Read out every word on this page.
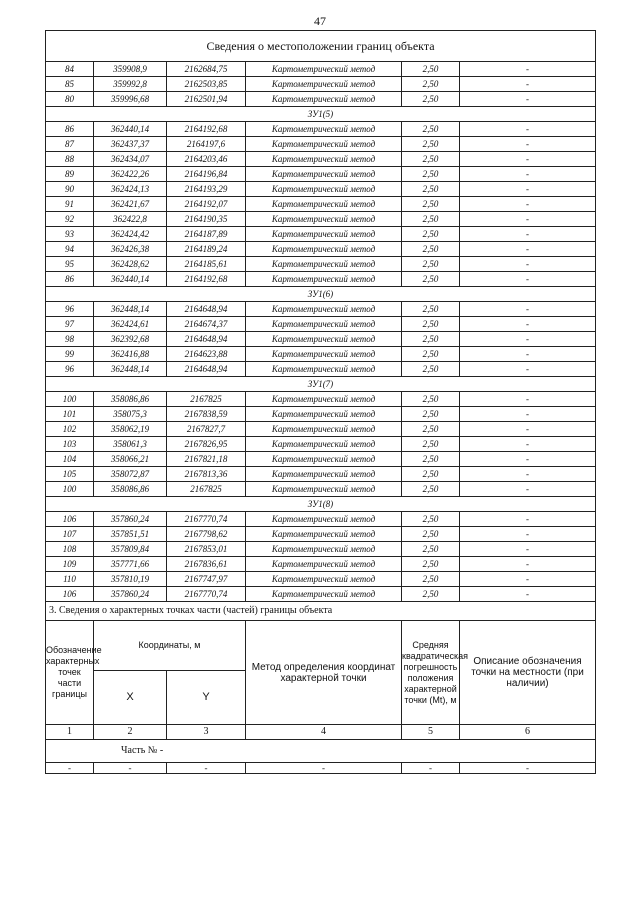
47
Сведения о местоположении границ объекта					
84	359908,9	2162684,75	Картометрический метод	2,50	-
85	359992,8	2162503,85	Картометрический метод	2,50	-
80	359996,68	2162501,94	Картометрический метод	2,50	-
ЗУ1(5)					
86	362440,14	2164192,68	Картометрический метод	2,50	-
87	362437,37	2164197,6	Картометрический метод	2,50	-
88	362434,07	2164203,46	Картометрический метод	2,50	-
89	362422,26	2164196,84	Картометрический метод	2,50	-
90	362424,13	2164193,29	Картометрический метод	2,50	-
91	362421,67	2164192,07	Картометрический метод	2,50	-
92	362422,8	2164190,35	Картометрический метод	2,50	-
93	362424,42	2164187,89	Картометрический метод	2,50	-
94	362426,38	2164189,24	Картометрический метод	2,50	-
95	362428,62	2164185,61	Картометрический метод	2,50	-
86	362440,14	2164192,68	Картометрический метод	2,50	-
ЗУ1(6)					
96	362448,14	2164648,94	Картометрический метод	2,50	-
97	362424,61	2164674,37	Картометрический метод	2,50	-
98	362392,68	2164648,94	Картометрический метод	2,50	-
99	362416,88	2164623,88	Картометрический метод	2,50	-
96	362448,14	2164648,94	Картометрический метод	2,50	-
ЗУ1(7)					
100	358086,86	2167825	Картометрический метод	2,50	-
101	358075,3	2167838,59	Картометрический метод	2,50	-
102	358062,19	2167827,7	Картометрический метод	2,50	-
103	358061,3	2167826,95	Картометрический метод	2,50	-
104	358066,21	2167821,18	Картометрический метод	2,50	-
105	358072,87	2167813,36	Картометрический метод	2,50	-
100	358086,86	2167825	Картометрический метод	2,50	-
ЗУ1(8)					
106	357860,24	2167770,74	Картометрический метод	2,50	-
107	357851,51	2167798,62	Картометрический метод	2,50	-
108	357809,84	2167853,01	Картометрический метод	2,50	-
109	357771,66	2167836,61	Картометрический метод	2,50	-
110	357810,19	2167747,97	Картометрический метод	2,50	-
106	357860,24	2167770,74	Картометрический метод	2,50	-
3. Сведения о характерных точках части (частей) границы объекта					
Обозначение характерных точек части границы	Координаты, м		Метод определения координат характерной точки	Средняя квадратическая погрешность положения характерной точки (Мt), м	Описание обозначения точки на местности (при наличии)
	X	Y			
1	2	3	4	5	6
Часть № -					
-	-	-	-	-	-
